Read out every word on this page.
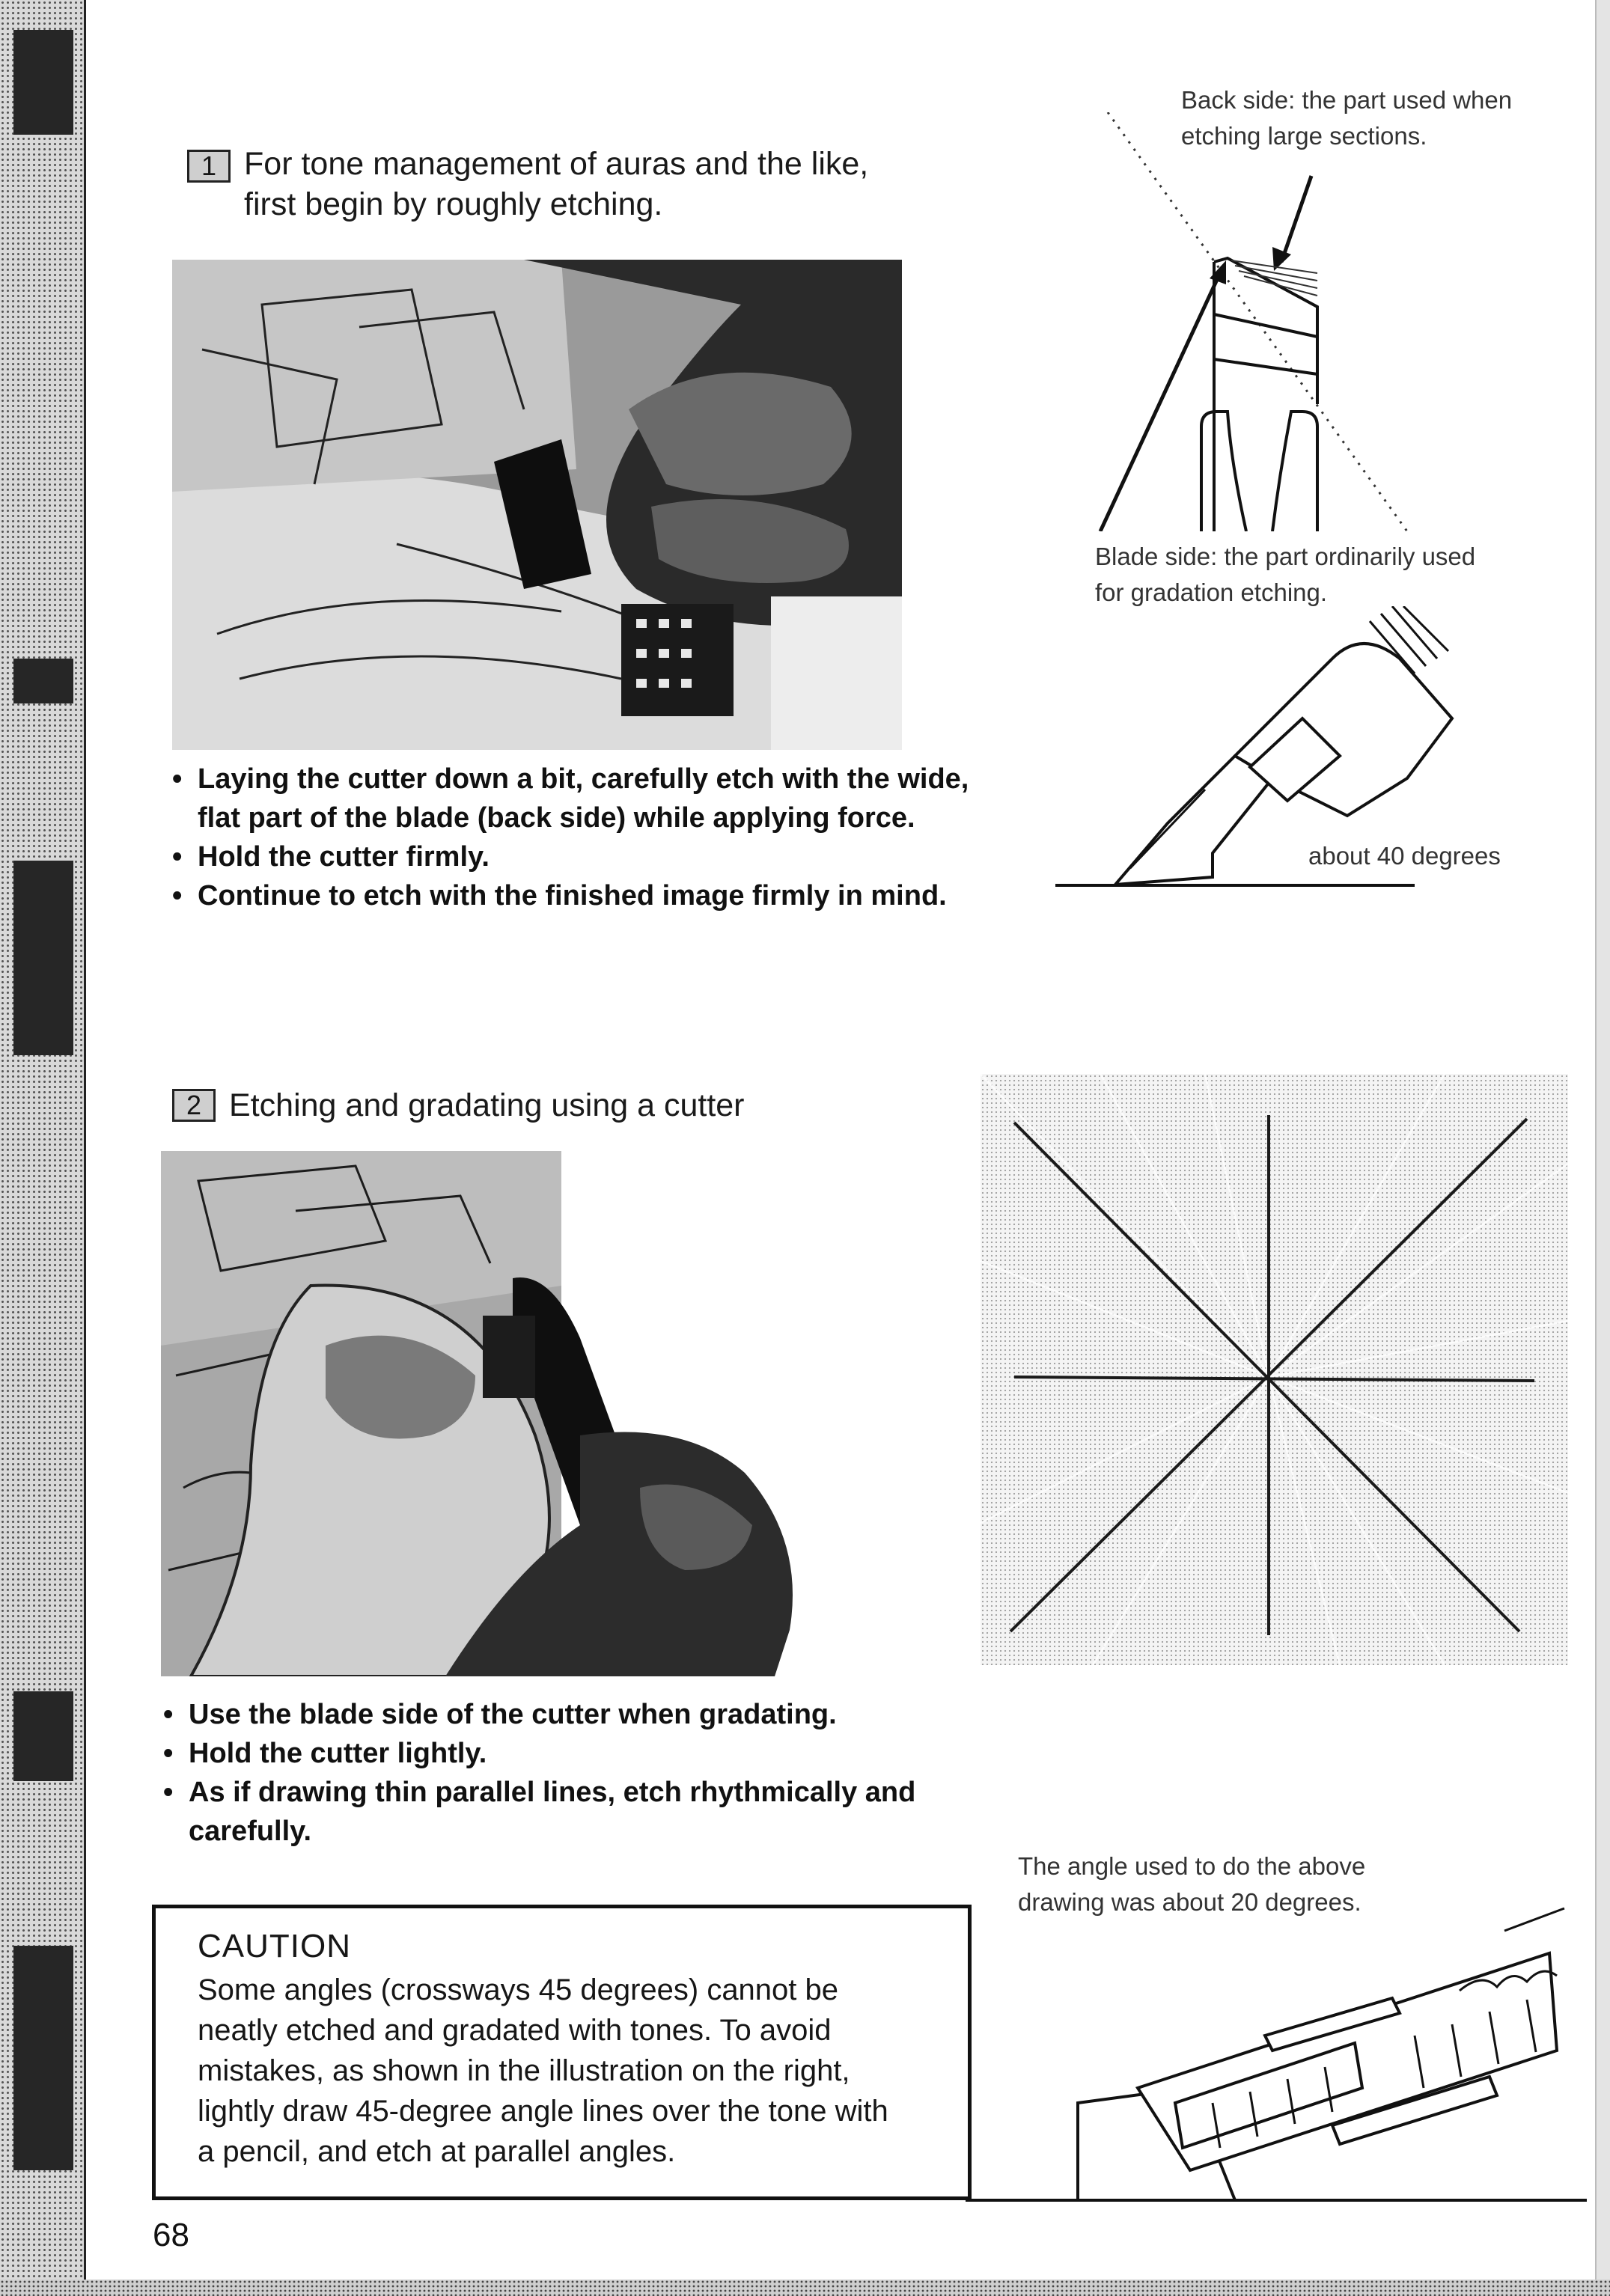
1 For tone management of auras and the like,
first begin by roughly etching.
• Laying the cutter down a bit, carefully etch with the wide,
flat part of the blade (back side) while applying force.
• Hold the cutter firmly.
• Continue to etch with the finished image firmly in mind.
Back side: the part used when
etching large sections.
Blade side: the part ordinarily used
for gradation etching.
about 40 degrees
2 Etching and gradating using a cutter
• Use the blade side of the cutter when gradating.
• Hold the cutter lightly.
• As if drawing thin parallel lines, etch rhythmically and
carefully.
The angle used to do the above
drawing was about 20 degrees.
CAUTION

Some angles (crossways 45 degrees) cannot be

neatly etched and gradated with tones. To avoid

mistakes, as shown in the illustration on the right,

lightly draw 45-degree angle lines over the tone with

a pencil, and etch at parallel angles.

68
